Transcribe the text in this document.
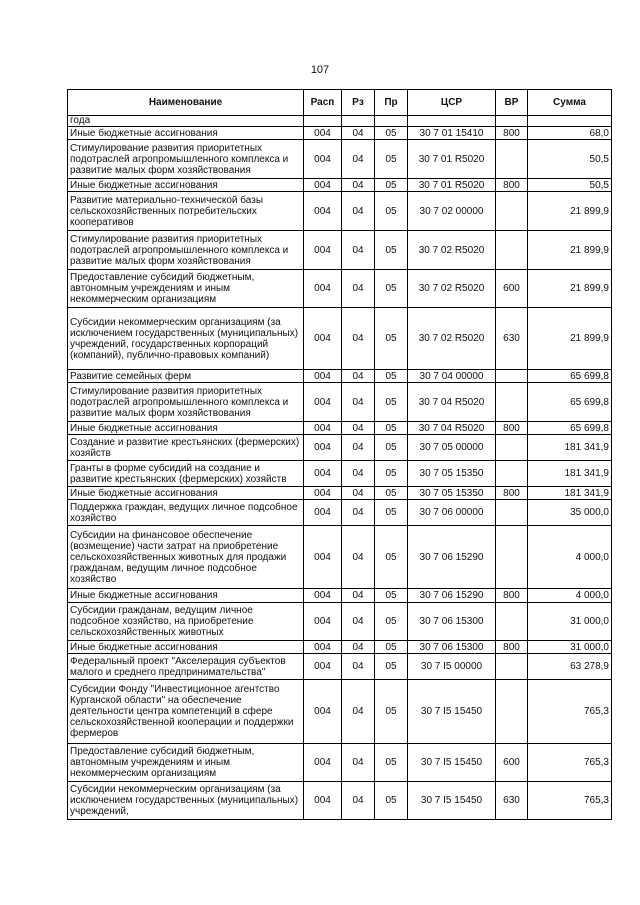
107
Наименование	Расп	Рз	Пр	ЦСР	ВР	Сумма
года						
Иные бюджетные ассигнования	004	04	05	30 7 01 15410	800	68,0
Стимулирование развития приоритетных подотраслей агропромышленного комплекса и развитие малых форм хозяйствования	004	04	05	30 7 01 R5020		50,5
Иные бюджетные ассигнования	004	04	05	30 7 01 R5020	800	50,5
Развитие материально-технической базы сельскохозяйственных потребительских кооперативов	004	04	05	30 7 02 00000		21 899,9
Стимулирование развития приоритетных подотраслей агропромышленного комплекса и развитие малых форм хозяйствования	004	04	05	30 7 02 R5020		21 899,9
Предоставление субсидий бюджетным, автономным учреждениям и иным некоммерческим организациям	004	04	05	30 7 02 R5020	600	21 899,9
Субсидии некоммерческим организациям (за исключением государственных (муниципальных) учреждений, государственных корпораций (компаний), публично-правовых компаний)	004	04	05	30 7 02 R5020	630	21 899,9
Развитие семейных ферм	004	04	05	30 7 04 00000		65 699,8
Стимулирование развития приоритетных подотраслей агропромышленного комплекса и развитие малых форм хозяйствования	004	04	05	30 7 04 R5020		65 699,8
Иные бюджетные ассигнования	004	04	05	30 7 04 R5020	800	65 699,8
Создание и развитие крестьянских (фермерских) хозяйств	004	04	05	30 7 05 00000		181 341,9
Гранты в форме субсидий на создание и развитие крестьянских (фермерских) хозяйств	004	04	05	30 7 05 15350		181 341,9
Иные бюджетные ассигнования	004	04	05	30 7 05 15350	800	181 341,9
Поддержка граждан, ведущих личное подсобное хозяйство	004	04	05	30 7 06 00000		35 000,0
Субсидии на финансовое обеспечение (возмещение) части затрат на приобретение сельскохозяйственных животных для продажи гражданам, ведущим личное подсобное хозяйство	004	04	05	30 7 06 15290		4 000,0
Иные бюджетные ассигнования	004	04	05	30 7 06 15290	800	4 000,0
Субсидии гражданам, ведущим личное подсобное хозяйство, на приобретение сельскохозяйственных животных	004	04	05	30 7 06 15300		31 000,0
Иные бюджетные ассигнования	004	04	05	30 7 06 15300	800	31 000,0
Федеральный проект "Акселерация субъектов малого и среднего предпринимательства"	004	04	05	30 7 I5 00000		63 278,9
Субсидии Фонду "Инвестиционное агентство Курганской области" на обеспечение деятельности центра компетенций в сфере сельскохозяйственной кооперации и поддержки фермеров	004	04	05	30 7 I5 15450		765,3
Предоставление субсидий бюджетным, автономным учреждениям и иным некоммерческим организациям	004	04	05	30 7 I5 15450	600	765,3
Субсидии некоммерческим организациям (за исключением государственных (муниципальных) учреждений,	004	04	05	30 7 I5 15450	630	765,3
